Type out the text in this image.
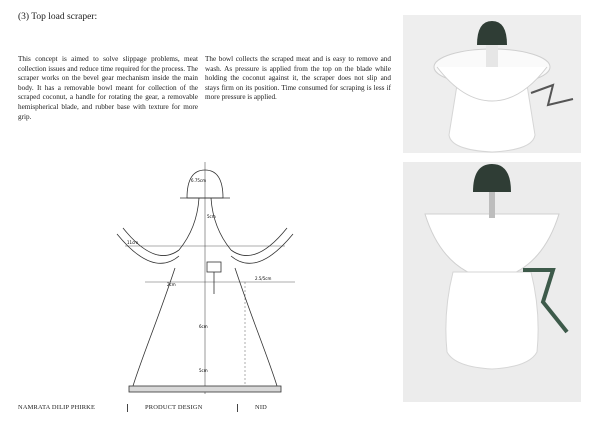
(3) Top load scraper:
This concept is aimed to solve slippage problems, meat collection issues and reduce time required for the process. The scraper works on the bevel gear mechanism inside the main body. It has a removable bowl meant for collection of the scraped coconut, a handle for rotating the gear, a removable hemispherical blade, and rubber base with texture for more grip.
The bowl collects the scraped meat and is easy to remove and wash. As pressure is applied from the top on the blade while holding the coconut against it, the scraper does not slip and stays firm on its position. Time consumed for scraping is less if more pressure is applied.
6.75cm
5cm
11cm
2.5/5cm
2cm
6cm
5cm
NAMRATA DILIP PHIRKE	PRODUCT DESIGN	NID
